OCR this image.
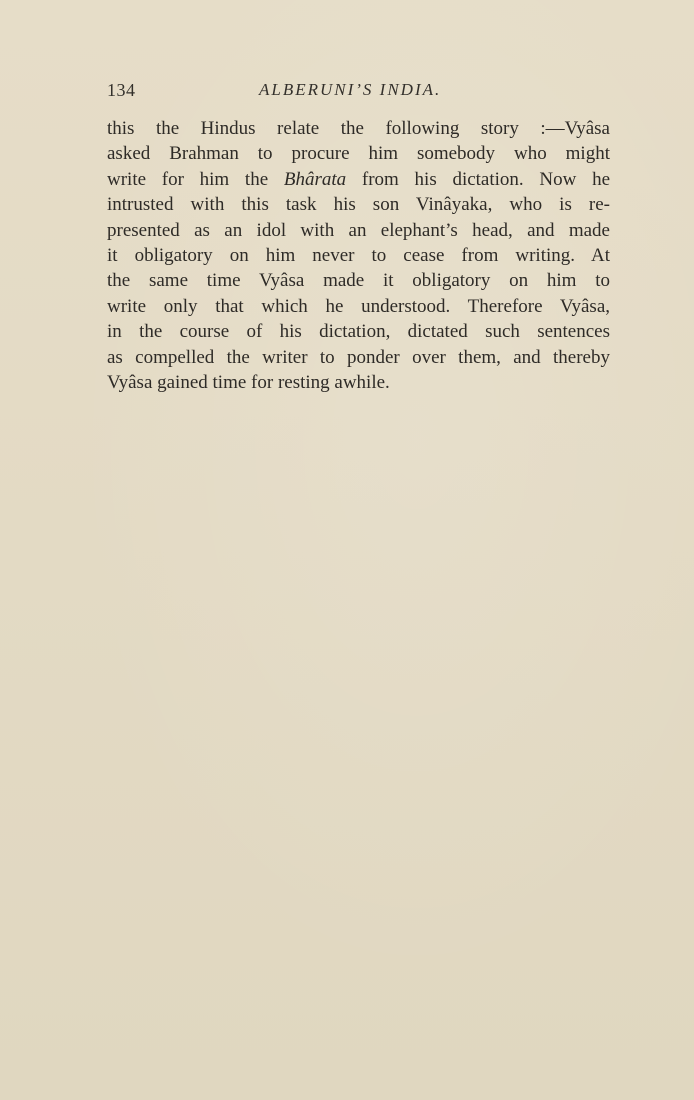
134	ALBERUNI’S INDIA.
this the Hindus relate the following story :—Vyâsa
asked Brahman to procure him somebody who might
write for him the Bhârata from his dictation. Now he
intrusted with this task his son Vinâyaka, who is re-
presented as an idol with an elephant’s head, and made
it obligatory on him never to cease from writing. At
the same time Vyâsa made it obligatory on him to
write only that which he understood. Therefore Vyâsa,
in the course of his dictation, dictated such sentences
as compelled the writer to ponder over them, and thereby
Vyâsa gained time for resting awhile.
